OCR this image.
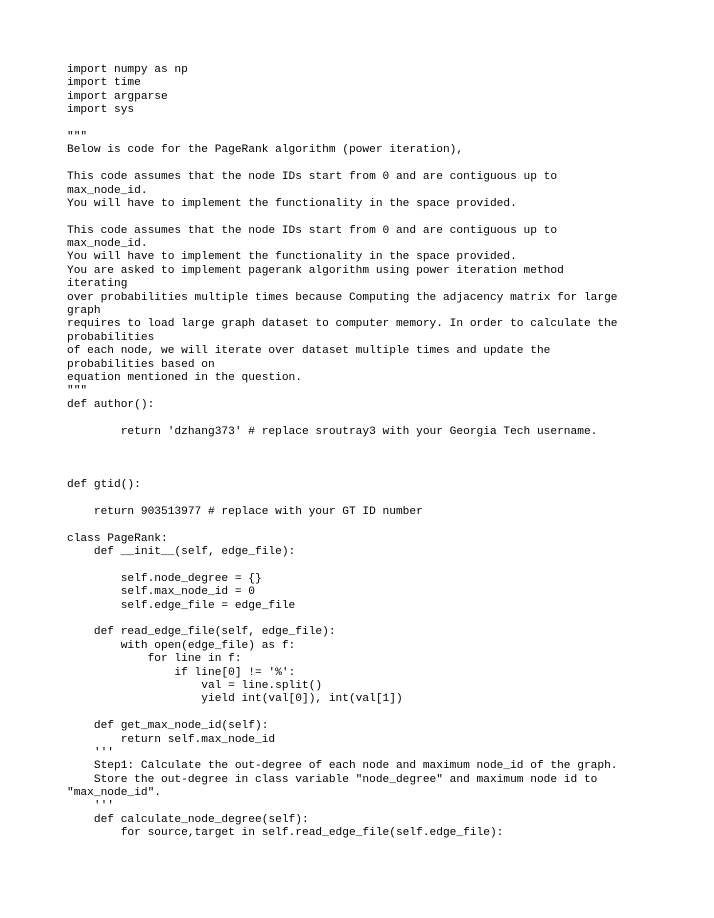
import numpy as np
import time
import argparse
import sys
"""
Below is code for the PageRank algorithm (power iteration),
This code assumes that the node IDs start from 0 and are contiguous up to
max_node_id.
You will have to implement the functionality in the space provided.
This code assumes that the node IDs start from 0 and are contiguous up to
max_node_id.
You will have to implement the functionality in the space provided.
You are asked to implement pagerank algorithm using power iteration method
iterating
over probabilities multiple times because Computing the adjacency matrix for large
graph
requires to load large graph dataset to computer memory. In order to calculate the
probabilities
of each node, we will iterate over dataset multiple times and update the
probabilities based on
equation mentioned in the question.
"""
def author():
return 'dzhang373' # replace sroutray3 with your Georgia Tech username.
def gtid():
return 903513977 # replace with your GT ID number
class PageRank:
def __init__(self, edge_file):
self.node_degree = {}
self.max_node_id = 0
self.edge_file = edge_file
def read_edge_file(self, edge_file):
with open(edge_file) as f:
for line in f:
if line[0] != '%':
val = line.split()
yield int(val[0]), int(val[1])
def get_max_node_id(self):
return self.max_node_id
'''
Step1: Calculate the out-degree of each node and maximum node_id of the graph.
Store the out-degree in class variable "node_degree" and maximum node id to
"max_node_id".
'''
def calculate_node_degree(self):
for source,target in self.read_edge_file(self.edge_file):
